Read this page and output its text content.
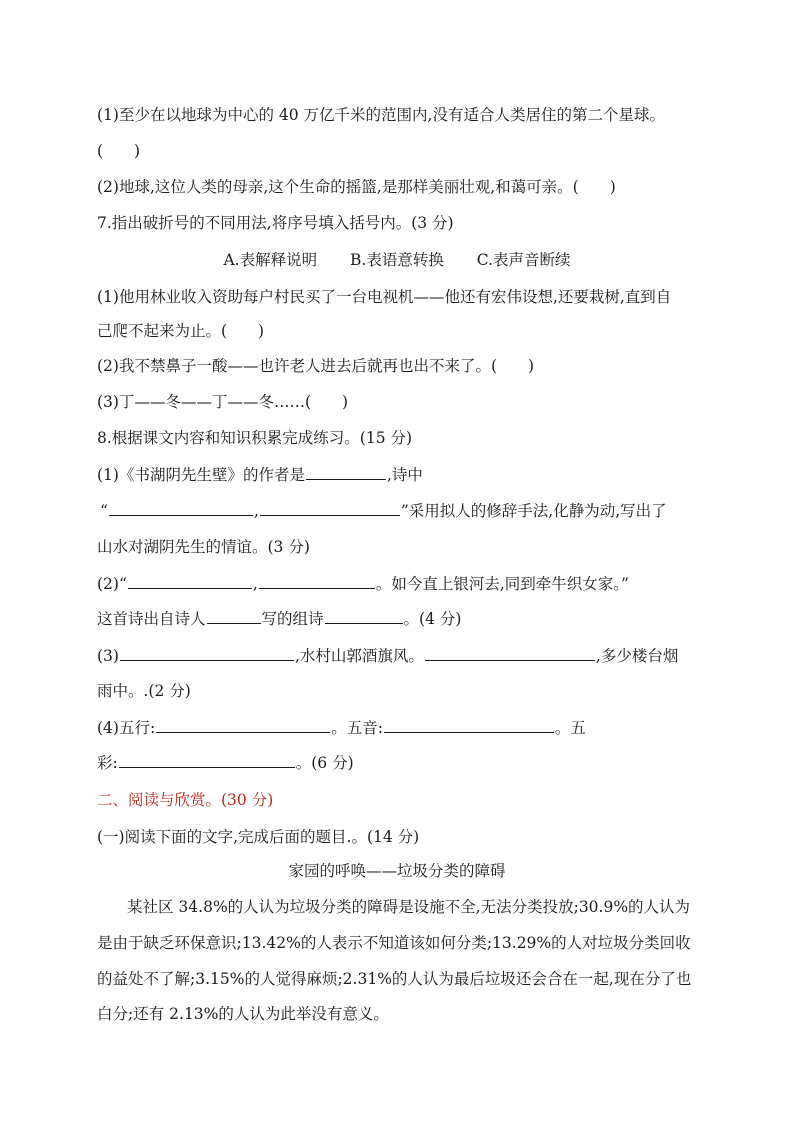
(1)至少在以地球为中心的 40 万亿千米的范围内,没有适合人类居住的第二个星球。
(　　)
(2)地球,这位人类的母亲,这个生命的摇篮,是那样美丽壮观,和蔼可亲。(　　)
7.指出破折号的不同用法,将序号填入括号内。(3 分)
A.表解释说明 B.表语意转换 C.表声音断续
(1)他用林业收入资助每户村民买了一台电视机——他还有宏伟设想,还要栽树,直到自
己爬不起来为止。(　　)
(2)我不禁鼻子一酸——也许老人进去后就再也出不来了。(　　)
(3)丁——冬——丁——冬……(　　)
8.根据课文内容和知识积累完成练习。(15 分)
(1)《书湖阴先生壁》的作者是	,诗中
“	,	”采用拟人的修辞手法,化静为动,写出了
山水对湖阴先生的情谊。(3 分)
(2)“	,	。如今直上银河去,同到牵牛织女家。”
这首诗出自诗人	写的组诗	。(4 分)
(3)	,水村山郭酒旗风。	,多少楼台烟
雨中。.(2 分)
(4)五行:	。五音:	。五
彩:	。(6 分)
二、阅读与欣赏。(30 分)
(一)阅读下面的文字,完成后面的题目.。(14 分)
家园的呼唤——垃圾分类的障碍
某社区 34.8%的人认为垃圾分类的障碍是设施不全,无法分类投放;30.9%的人认为
是由于缺乏环保意识;13.42%的人表示不知道该如何分类;13.29%的人对垃圾分类回收
的益处不了解;3.15%的人觉得麻烦;2.31%的人认为最后垃圾还会合在一起,现在分了也
白分;还有 2.13%的人认为此举没有意义。
